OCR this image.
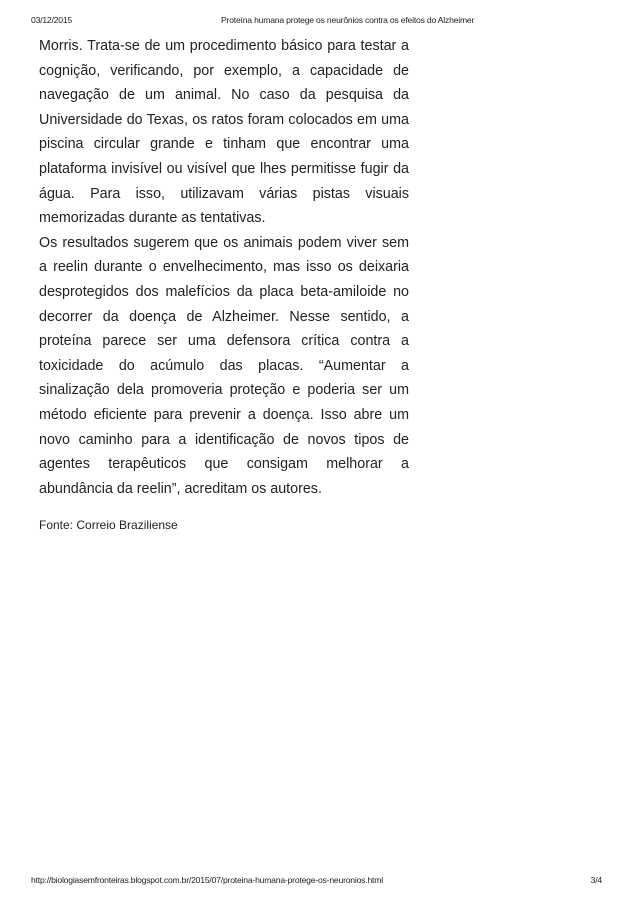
03/12/2015	Proteína humana protege os neurônios contra os efeitos do Alzheimer

Morris. Trata-se de um procedimento básico para testar a cognição, verificando, por exemplo, a capacidade de navegação de um animal. No caso da pesquisa da Universidade do Texas, os ratos foram colocados em uma piscina circular grande e tinham que encontrar uma plataforma invisível ou visível que lhes permitisse fugir da água. Para isso, utilizavam várias pistas visuais memorizadas durante as tentativas.

Os resultados sugerem que os animais podem viver sem a reelin durante o envelhecimento, mas isso os deixaria desprotegidos dos malefícios da placa beta-amiloide no decorrer da doença de Alzheimer. Nesse sentido, a proteína parece ser uma defensora crítica contra a toxicidade do acúmulo das placas. “Aumentar a sinalização dela promoveria proteção e poderia ser um método eficiente para prevenir a doença. Isso abre um novo caminho para a identificação de novos tipos de agentes terapêuticos que consigam melhorar a abundância da reelin”, acreditam os autores.

Fonte: Correio Braziliense

http://biologiasemfronteiras.blogspot.com.br/2015/07/proteina-humana-protege-os-neuronios.html	3/4
